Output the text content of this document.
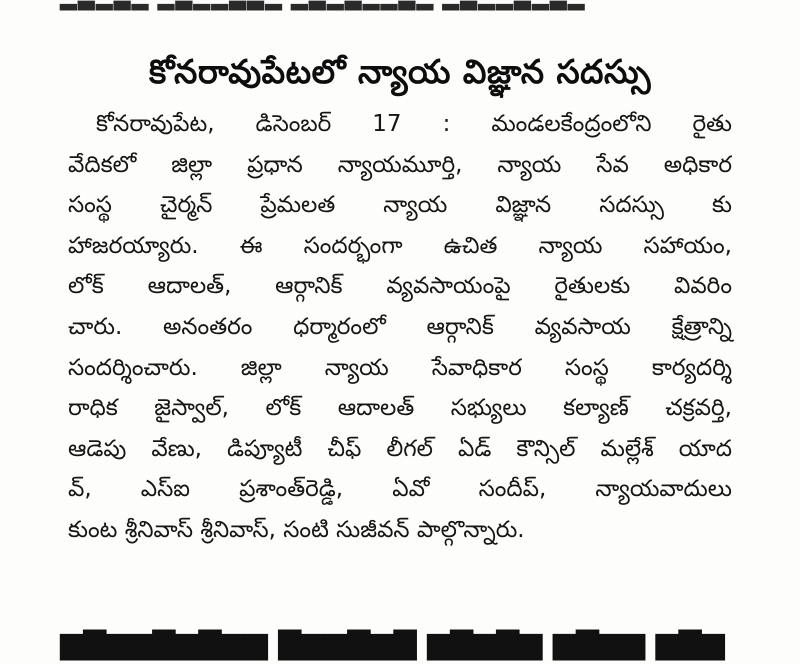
కోనరావుపేటలో న్యాయ విజ్ఞాన సదస్సు
కోనరావుపేట, డిసెంబర్ 17 : మండలకేంద్రంలోని రైతు
వేదికలో జిల్లా ప్రధాన న్యాయమూర్తి, న్యాయ సేవ అధికార
సంస్థ చైర్మన్ ప్రేమలత న్యాయ విజ్ఞాన సదస్సు కు
హాజరయ్యారు. ఈ సందర్భంగా ఉచిత న్యాయ సహాయం,
లోక్ ఆదాలత్, ఆర్గానిక్ వ్యవసాయంపై రైతులకు వివరిం
చారు. అనంతరం ధర్మారంలో ఆర్గానిక్ వ్యవసాయ క్షేత్రాన్ని
సందర్శించారు. జిల్లా న్యాయ సేవాధికార సంస్థ కార్యదర్శి
రాధిక జైస్వాల్, లోక్ ఆదాలత్ సభ్యులు కల్యాణ్ చక్రవర్తి,
ఆడెపు వేణు, డిప్యూటీ చీఫ్ లీగల్ ఏడ్ కౌన్సిల్ మల్లేశ్ యాద
వ్, ఎస్ఐ ప్రశాంత్‌రెడ్డి, ఏవో సందీప్, న్యాయవాదులు
కుంట శ్రీనివాస్ శ్రీనివాస్, సంటి సుజీవన్ పాల్గొన్నారు.
▆▇▆▆▇▆▇▆▆ ▇▆▆▇▆▇ ▆▇▆▇▆ ▆▇▆▆ ▆▇▆
